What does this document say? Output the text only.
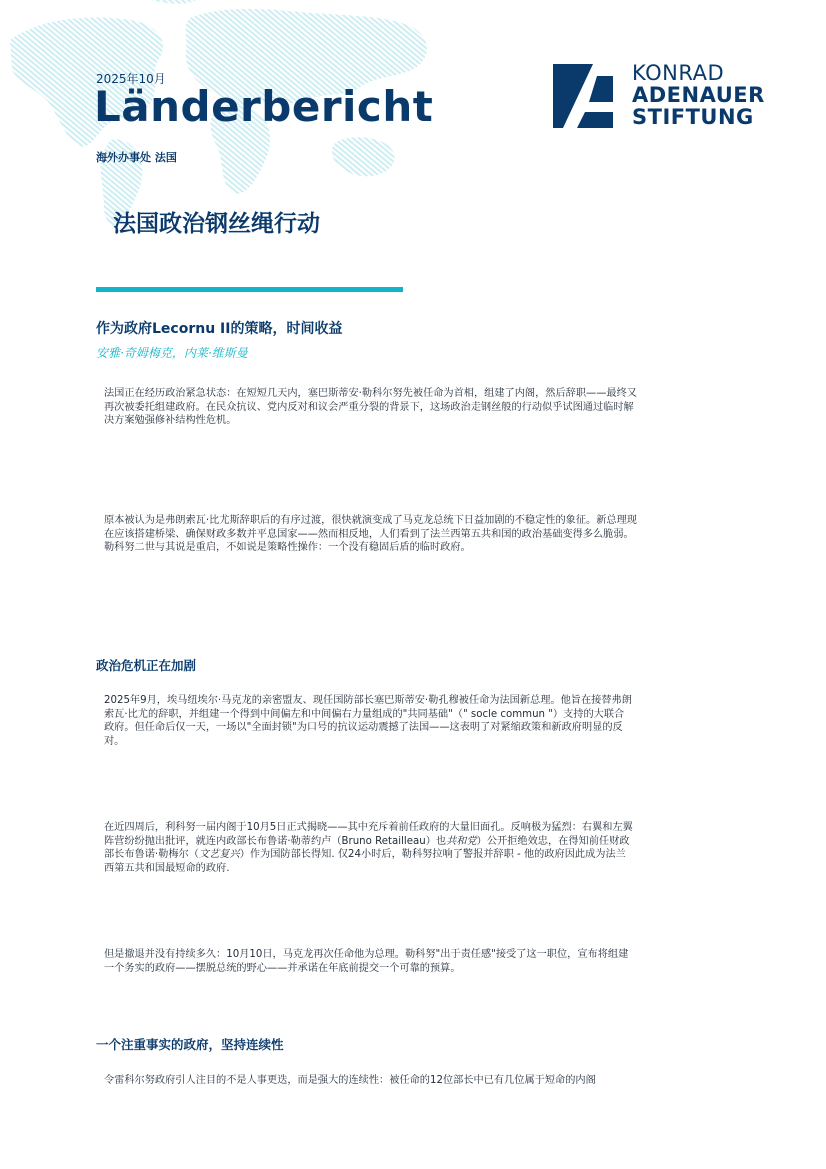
2025年10月
Länderbericht
海外办事处 法国
KONRAD
ADENAUER
STIFTUNG
法国政治钢丝绳行动
作为政府Lecornu II的策略，时间收益
安雅·奇姆梅克，内莱·维斯曼
法国正在经历政治紧急状态：在短短几天内，塞巴斯蒂安·勒科尔努先被任命为首相，组建了内阁，然后辞职——最终又再次被委托组建政府。在民众抗议、党内反对和议会严重分裂的背景下，这场政治走钢丝般的行动似乎试图通过临时解决方案勉强修补结构性危机。
原本被认为是弗朗索瓦·比尤斯辞职后的有序过渡，很快就演变成了马克龙总统下日益加剧的不稳定性的象征。新总理现在应该搭建桥梁、确保财政多数并平息国家——然而相反地，人们看到了法兰西第五共和国的政治基础变得多么脆弱。勒科努二世与其说是重启，不如说是策略性操作：一个没有稳固后盾的临时政府。
政治危机正在加剧
2025年9月，埃马纽埃尔·马克龙的亲密盟友、现任国防部长塞巴斯蒂安·勒孔穆被任命为法国新总理。他旨在接替弗朗索瓦·比尤的辞职，并组建一个得到中间偏左和中间偏右力量组成的"共同基础"（" socle commun "）支持的大联合政府。但任命后仅一天，一场以"全面封锁"为口号的抗议运动震撼了法国——这表明了对紧缩政策和新政府明显的反对。
在近四周后，利科努一届内阁于10月5日正式揭晓——其中充斥着前任政府的大量旧面孔。反响极为猛烈：右翼和左翼阵营纷纷抛出批评，就连内政部长布鲁诺·勒蒂约卢（Bruno Retailleau）也共和党）公开拒绝效忠，在得知前任财政部长布鲁诺·勒梅尔（文艺复兴）作为国防部长得知. 仅24小时后，勒科努拉响了警报并辞职 - 他的政府因此成为法兰西第五共和国最短命的政府.
但是撤退并没有持续多久：10月10日，马克龙再次任命他为总理。勒科努"出于责任感"接受了这一职位，宣布将组建一个务实的政府——摆脱总统的野心——并承诺在年底前提交一个可靠的预算。
一个注重事实的政府，坚持连续性
令雷科尔努政府引人注目的不是人事更迭，而是强大的连续性：被任命的12位部长中已有几位属于短命的内阁
